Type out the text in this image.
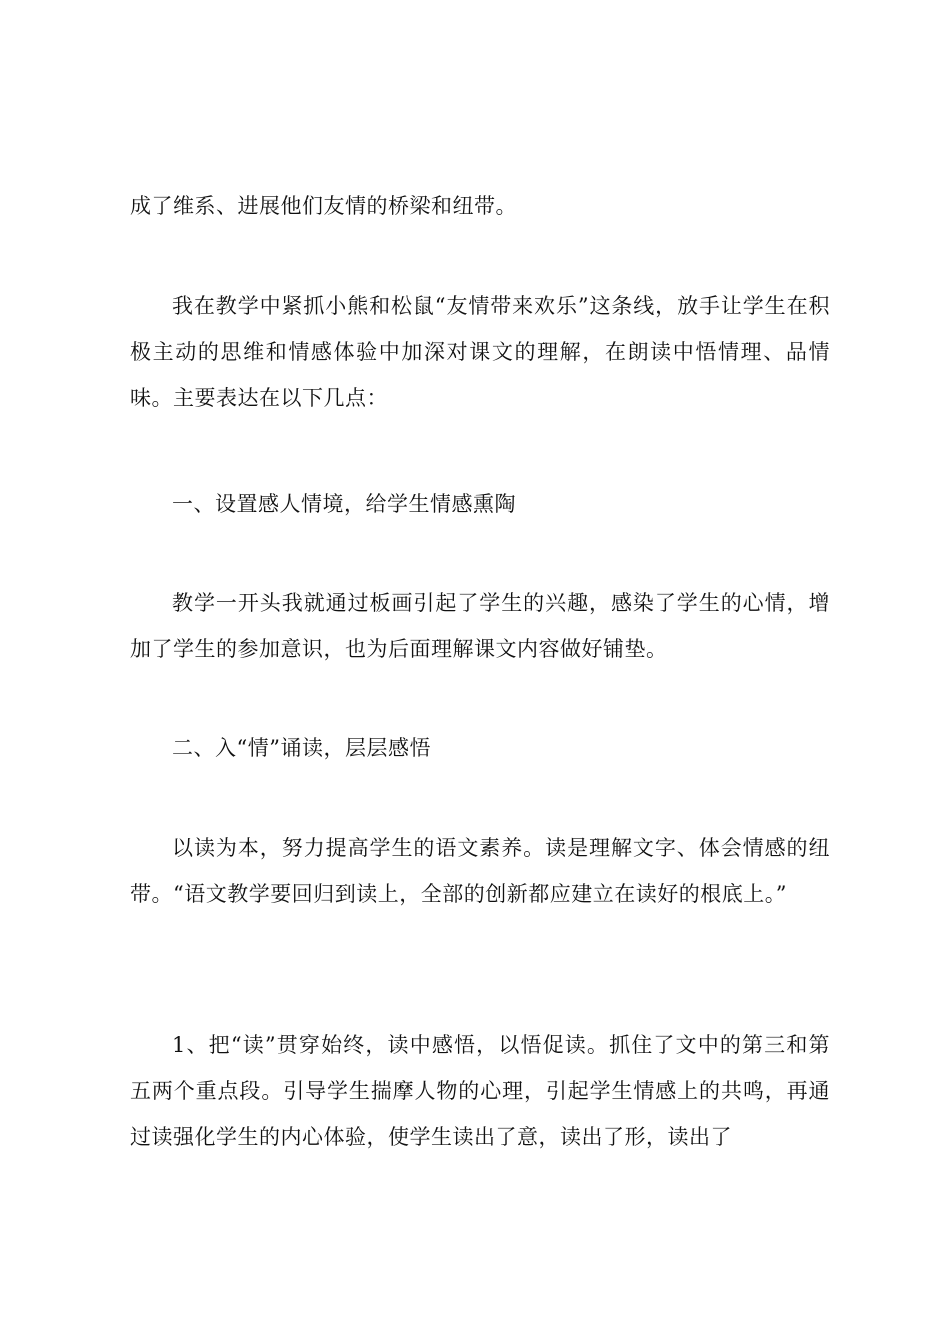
成了维系、进展他们友情的桥梁和纽带。

我在教学中紧抓小熊和松鼠“友情带来欢乐”这条线，放手让学生在积极主动的思维和情感体验中加深对课文的理解，在朗读中悟情理、品情味。主要表达在以下几点：

一、设置感人情境，给学生情感熏陶

教学一开头我就通过板画引起了学生的兴趣，感染了学生的心情，增加了学生的参加意识，也为后面理解课文内容做好铺垫。

二、入“情”诵读，层层感悟

以读为本，努力提高学生的语文素养。读是理解文字、体会情感的纽带。“语文教学要回归到读上，全部的创新都应建立在读好的根底上。”

1、把“读”贯穿始终，读中感悟，以悟促读。抓住了文中的第三和第五两个重点段。引导学生揣摩人物的心理，引起学生情感上的共鸣，再通过读强化学生的内心体验，使学生读出了意，读出了形，读出了
